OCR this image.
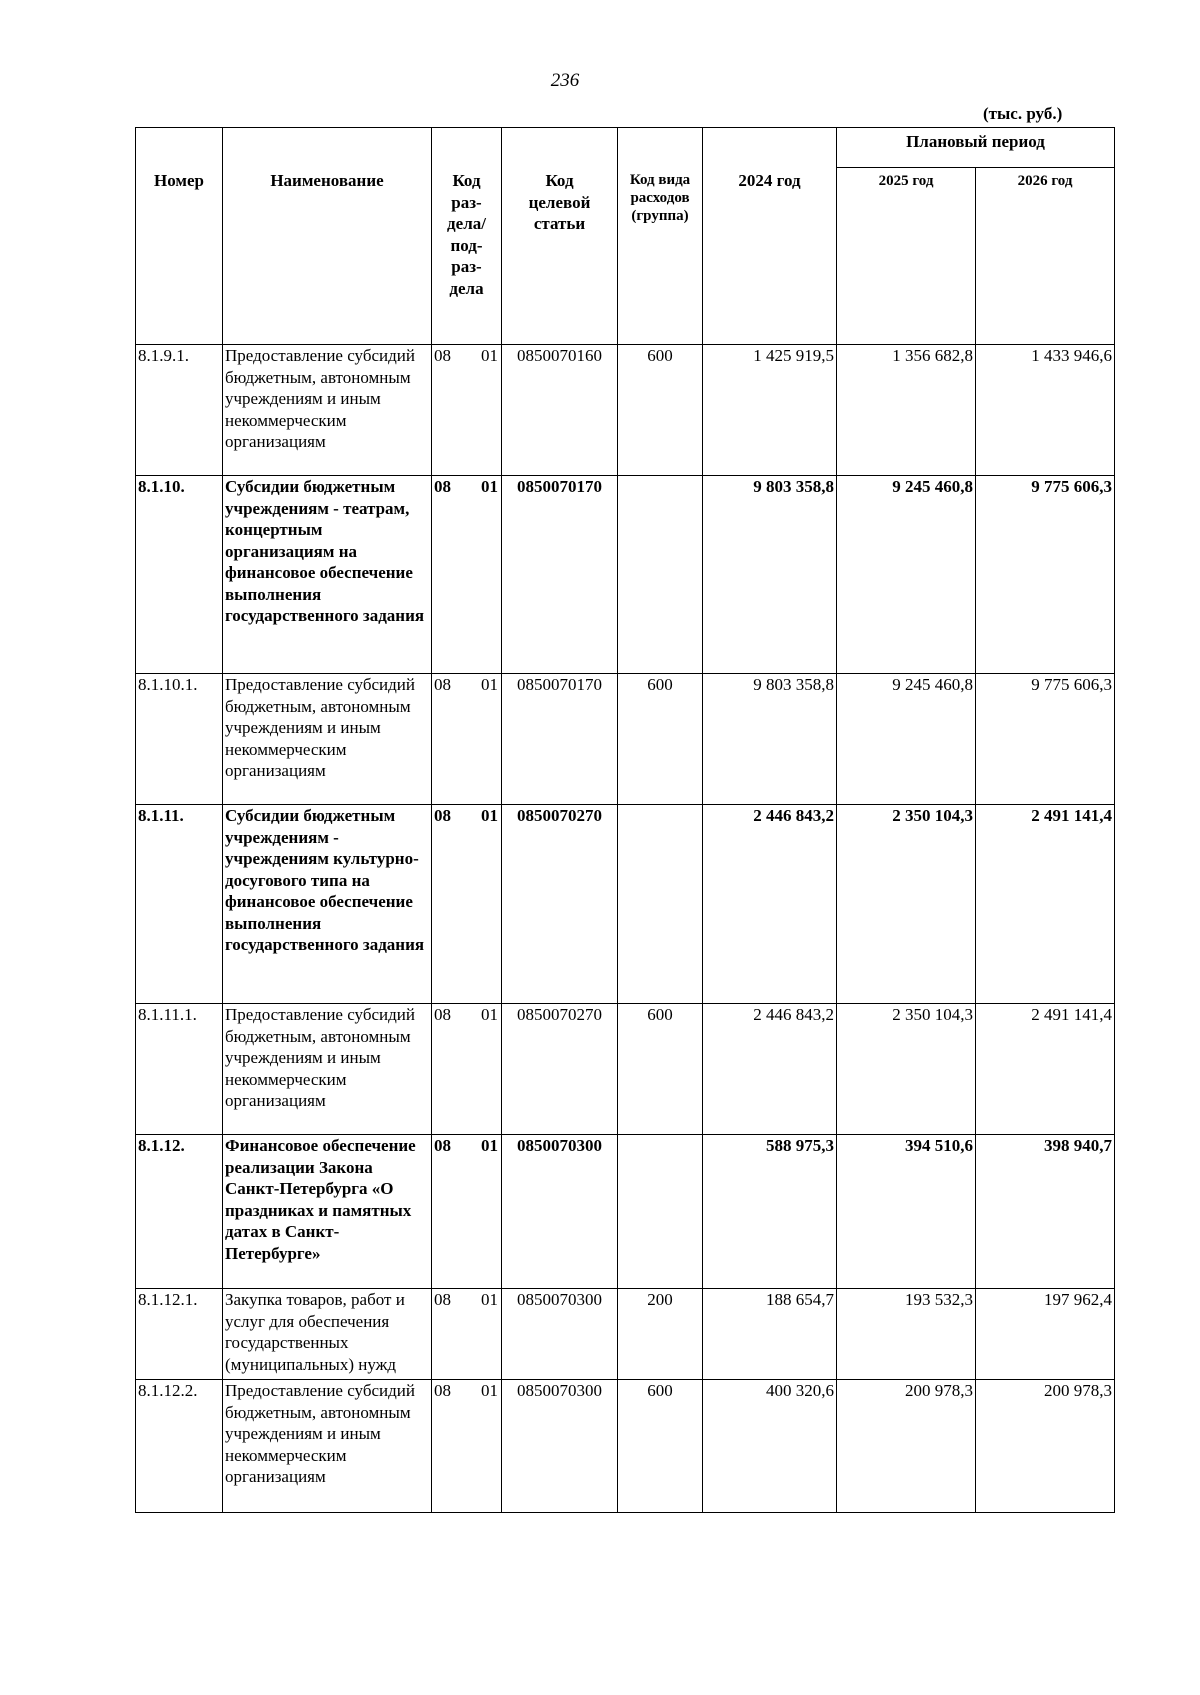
236
(тыс. руб.)
Номер	Наименование	Код раз- дела/ под- раз- дела	Код целевой статьи	Код вида расходов (группа)	2024 год	Плановый период	
						2025 год	2026 год
8.1.9.1.	Предоставление субсидий бюджетным, автономным учреждениям и иным некоммерческим организациям	08 01	0850070160	600	1 425 919,5	1 356 682,8	1 433 946,6
8.1.10.	Субсидии бюджетным учреждениям - театрам, концертным организациям на финансовое обеспечение выполнения государственного задания	08 01	0850070170		9 803 358,8	9 245 460,8	9 775 606,3
8.1.10.1.	Предоставление субсидий бюджетным, автономным учреждениям и иным некоммерческим организациям	08 01	0850070170	600	9 803 358,8	9 245 460,8	9 775 606,3
8.1.11.	Субсидии бюджетным учреждениям - учреждениям культурно-досугового типа на финансовое обеспечение выполнения государственного задания	08 01	0850070270		2 446 843,2	2 350 104,3	2 491 141,4
8.1.11.1.	Предоставление субсидий бюджетным, автономным учреждениям и иным некоммерческим организациям	08 01	0850070270	600	2 446 843,2	2 350 104,3	2 491 141,4
8.1.12.	Финансовое обеспечение реализации Закона Санкт-Петербурга «О праздниках и памятных датах в Санкт-Петербурге»	08 01	0850070300		588 975,3	394 510,6	398 940,7
8.1.12.1.	Закупка товаров, работ и услуг для обеспечения государственных (муниципальных) нужд	08 01	0850070300	200	188 654,7	193 532,3	197 962,4
8.1.12.2.	Предоставление субсидий бюджетным, автономным учреждениям и иным некоммерческим организациям	08 01	0850070300	600	400 320,6	200 978,3	200 978,3
